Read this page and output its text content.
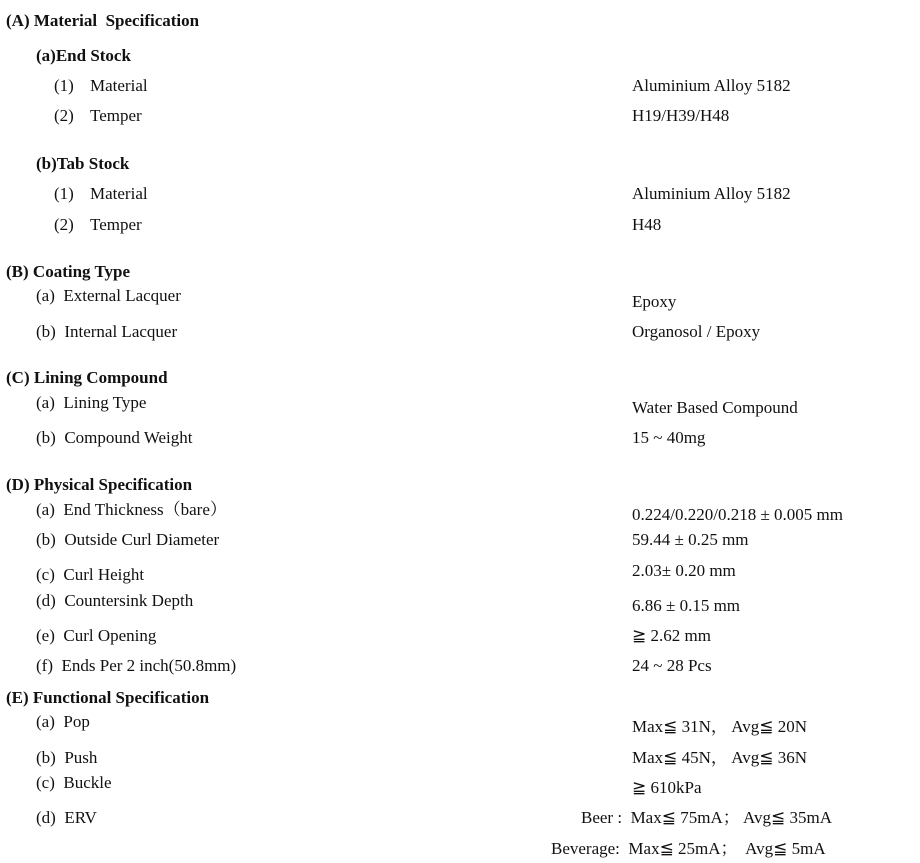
(A) Material  Specification
(a)End Stock
(1) Material	Aluminium Alloy 5182
(2) Temper	H19/H39/H48
(b)Tab Stock
(1) Material	Aluminium Alloy 5182
(2) Temper	H48
(B) Coating Type
(a)  External Lacquer	Epoxy
(b)  Internal Lacquer	Organosol / Epoxy
(C) Lining Compound
(a)  Lining Type	Water Based Compound
(b)  Compound Weight	15 ~ 40mg
(D) Physical Specification
(a)  End Thickness（bare）	0.224/0.220/0.218 ± 0.005 mm
(b)  Outside Curl Diameter	59.44 ± 0.25 mm
(c)  Curl Height	2.03± 0.20 mm
(d)  Countersink Depth	6.86 ± 0.15 mm
(e)  Curl Opening	≧ 2.62 mm
(f)  Ends Per 2 inch(50.8mm)	24 ~ 28 Pcs
(E) Functional Specification
(a)  Pop	Max≦ 31N， Avg≦ 20N
(b)  Push	Max≦ 45N， Avg≦ 36N
(c)  Buckle	≧ 610kPa
(d)  ERV	Beer :  Max≦ 75mA； Avg≦ 35mA
Beverage:  Max≦ 25mA；  Avg≦ 5mA
